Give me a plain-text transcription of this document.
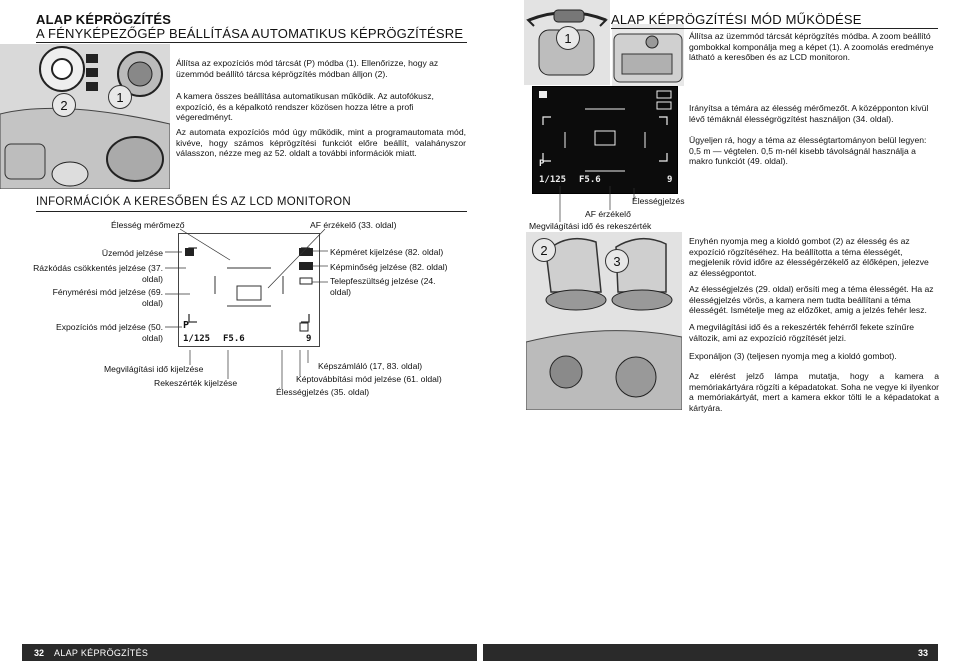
ALAP KÉPRÖGZÍTÉS
A FÉNYKÉPEZŐGÉP BEÁLLÍTÁSA AUTOMATIKUS KÉPRÖGZÍTÉSRE
2
1
Állítsa az expozíciós mód tárcsát (P) módba (1). Ellenőrizze, hogy az üzemmód beállító tárcsa képrögzítés módban álljon (2).
A kamera összes beállítása automatikusan működik. Az autofókusz, expozíció, és a képalkotó rendszer közösen hozza létre a profi végeredményt.
Az automata expozíciós mód úgy működik, mint a programautomata mód, kivéve, hogy számos képrögzítési funkciót előre beállít, valahányszor válasszon, nézze meg az 52. oldalt a további információk miatt.
INFORMÁCIÓK A KERESŐBEN ÉS AZ LCD MONITORON
Élesség mérőmező	AF érzékelő (33. oldal)
Üzemód jelzése
Rázkódás csökkentés jelzése (37. oldal)
Fénymérési mód jelzése (69. oldal)
Expozíciós mód jelzése (50. oldal)
Képméret kijelzése (82. oldal)
Képminőség jelzése (82. oldal)
Telepfeszültség jelzése (24. oldal)
Megvilágítási idő kijelzése
Rekeszérték kijelzése
Képszámláló (17, 83. oldal)
Képtovábbítási mód jelzése (61. oldal)
Élességjelzés (35. oldal)
P
1/125 F5.6	9
1
ALAP KÉPRÖGZÍTÉSI MÓD MŰKÖDÉSE
Állítsa az üzemmód tárcsát képrögzítés módba. A zoom beállító gombokkal komponálja meg a képet (1). A zoomolás eredménye látható a keresőben és az LCD monitoron.
P
1/125 F5.6	9
Irányítsa a témára az élesség mérőmezőt. A középponton kívül lévő témáknál élességrögzítést használjon (34. oldal).
Ügyeljen rá, hogy a téma az élességtartományon belül legyen: 0,5 m — végtelen. 0,5 m-nél kisebb távolságnál használja a makro funkciót (49. oldal).
Élességjelzés
AF érzékelő
Megvilágítási idő és rekeszérték
2
3
Enyhén nyomja meg a kioldó gombot (2) az élesség és az expozíció rögzítéséhez. Ha beállította a téma élességét, megjelenik rövid időre az élességérzékelő az élőképen, jelezve az élességpontot.
Az élességjelzés (29. oldal) erősíti meg a téma élességét. Ha az élességjelzés vörös, a kamera nem tudta beállítani a téma élességét. Ismételje meg az előzőket, amig a jelzés fehér lesz.
A megvilágítási idő és a rekeszérték fehérről fekete színűre változik, ami az expozíció rögzítését jelzi.
Exponáljon (3) (teljesen nyomja meg a kioldó gombot).
Az elérést jelző lámpa mutatja, hogy a kamera a memóriakártyára rögzíti a képadatokat. Soha ne vegye ki ilyenkor a memóriakártyát, mert a kamera ekkor tölti le a képadatokat a kártyára.
32 ALAP KÉPRÖGZÍTÉS	33
